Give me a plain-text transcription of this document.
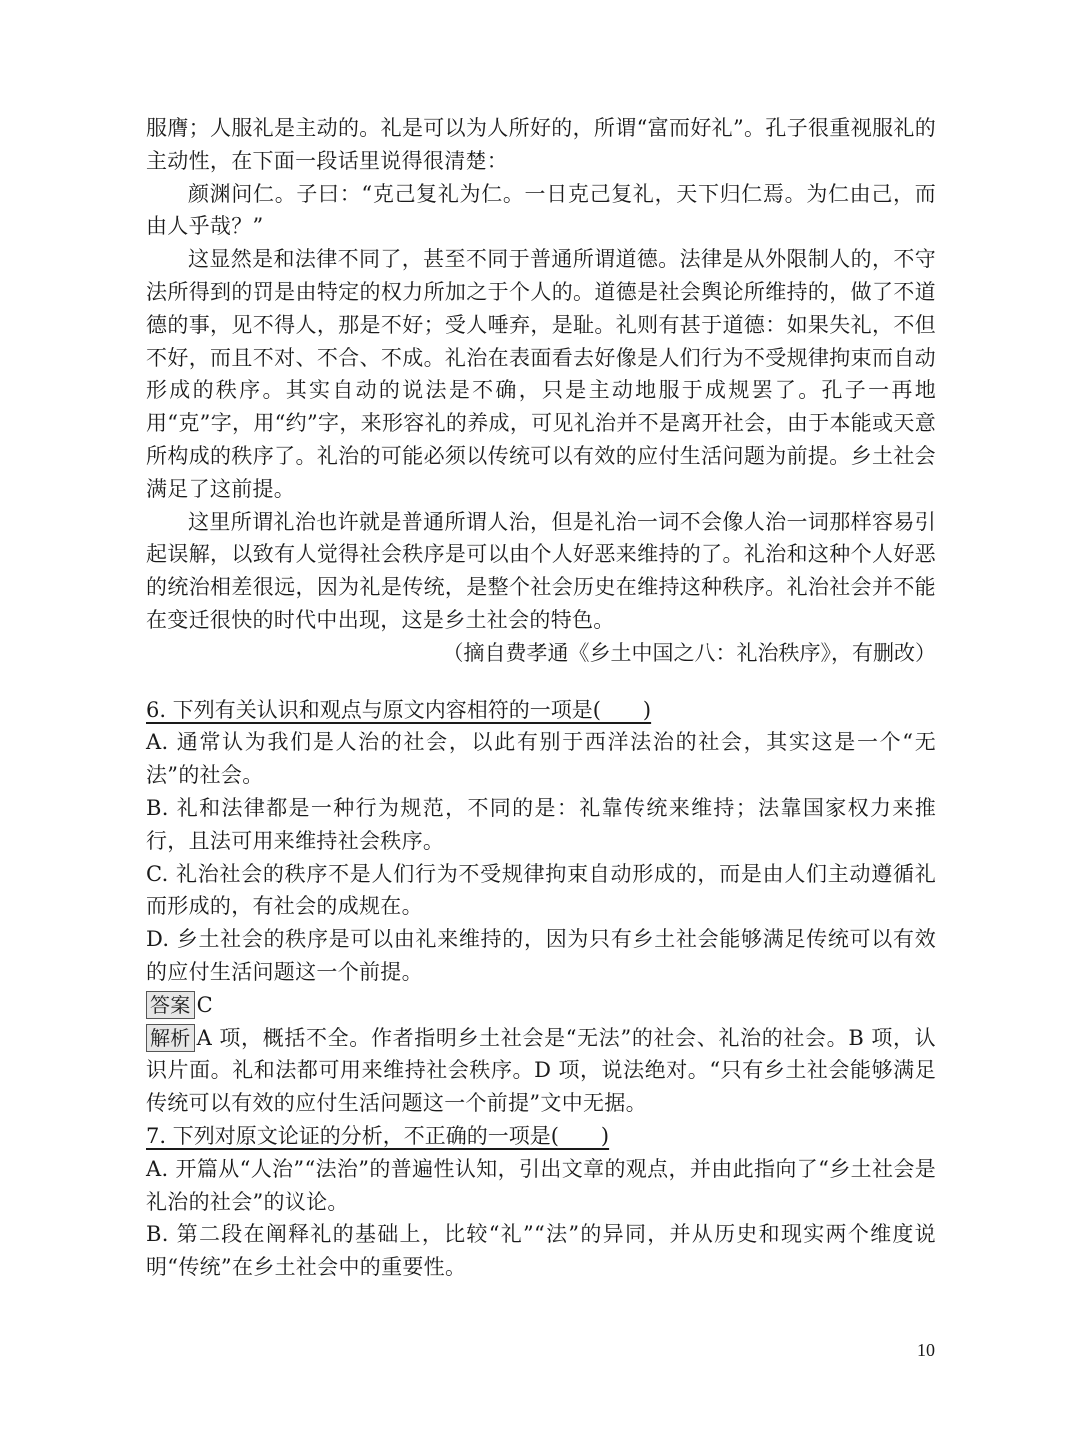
服膺；人服礼是主动的。礼是可以为人所好的，所谓“富而好礼”。孔子很重视服礼的主动性，在下面一段话里说得很清楚：

颜渊问仁。子曰：“克己复礼为仁。一日克己复礼，天下归仁焉。为仁由己，而由人乎哉？”

这显然是和法律不同了，甚至不同于普通所谓道德。法律是从外限制人的，不守法所得到的罚是由特定的权力所加之于个人的。道德是社会舆论所维持的，做了不道德的事，见不得人，那是不好；受人唾弃，是耻。礼则有甚于道德：如果失礼，不但不好，而且不对、不合、不成。礼治在表面看去好像是人们行为不受规律拘束而自动形成的秩序。其实自动的说法是不确，只是主动地服于成规罢了。孔子一再地用“克”字，用“约”字，来形容礼的养成，可见礼治并不是离开社会，由于本能或天意所构成的秩序了。礼治的可能必须以传统可以有效的应付生活问题为前提。乡土社会满足了这前提。

这里所谓礼治也许就是普通所谓人治，但是礼治一词不会像人治一词那样容易引起误解，以致有人觉得社会秩序是可以由个人好恶来维持的了。礼治和这种个人好恶的统治相差很远，因为礼是传统，是整个社会历史在维持这种秩序。礼治社会并不能在变迁很快的时代中出现，这是乡土社会的特色。

（摘自费孝通《乡土中国之八：礼治秩序》，有删改）

6. 下列有关认识和观点与原文内容相符的一项是(　　)

A. 通常认为我们是人治的社会，以此有别于西洋法治的社会，其实这是一个“无法”的社会。

B. 礼和法律都是一种行为规范，不同的是：礼靠传统来维持；法靠国家权力来推行，且法可用来维持社会秩序。

C. 礼治社会的秩序不是人们行为不受规律拘束自动形成的，而是由人们主动遵循礼而形成的，有社会的成规在。

D. 乡土社会的秩序是可以由礼来维持的，因为只有乡土社会能够满足传统可以有效的应付生活问题这一个前提。

答案 C

解析 A 项，概括不全。作者指明乡土社会是“无法”的社会、礼治的社会。B 项，认识片面。礼和法都可用来维持社会秩序。D 项，说法绝对。“只有乡土社会能够满足传统可以有效的应付生活问题这一个前提”文中无据。

7. 下列对原文论证的分析，不正确的一项是(　　)

A. 开篇从“人治”“法治”的普遍性认知，引出文章的观点，并由此指向了“乡土社会是礼治的社会”的议论。

B. 第二段在阐释礼的基础上，比较“礼”“法”的异同，并从历史和现实两个维度说明“传统”在乡土社会中的重要性。

10
